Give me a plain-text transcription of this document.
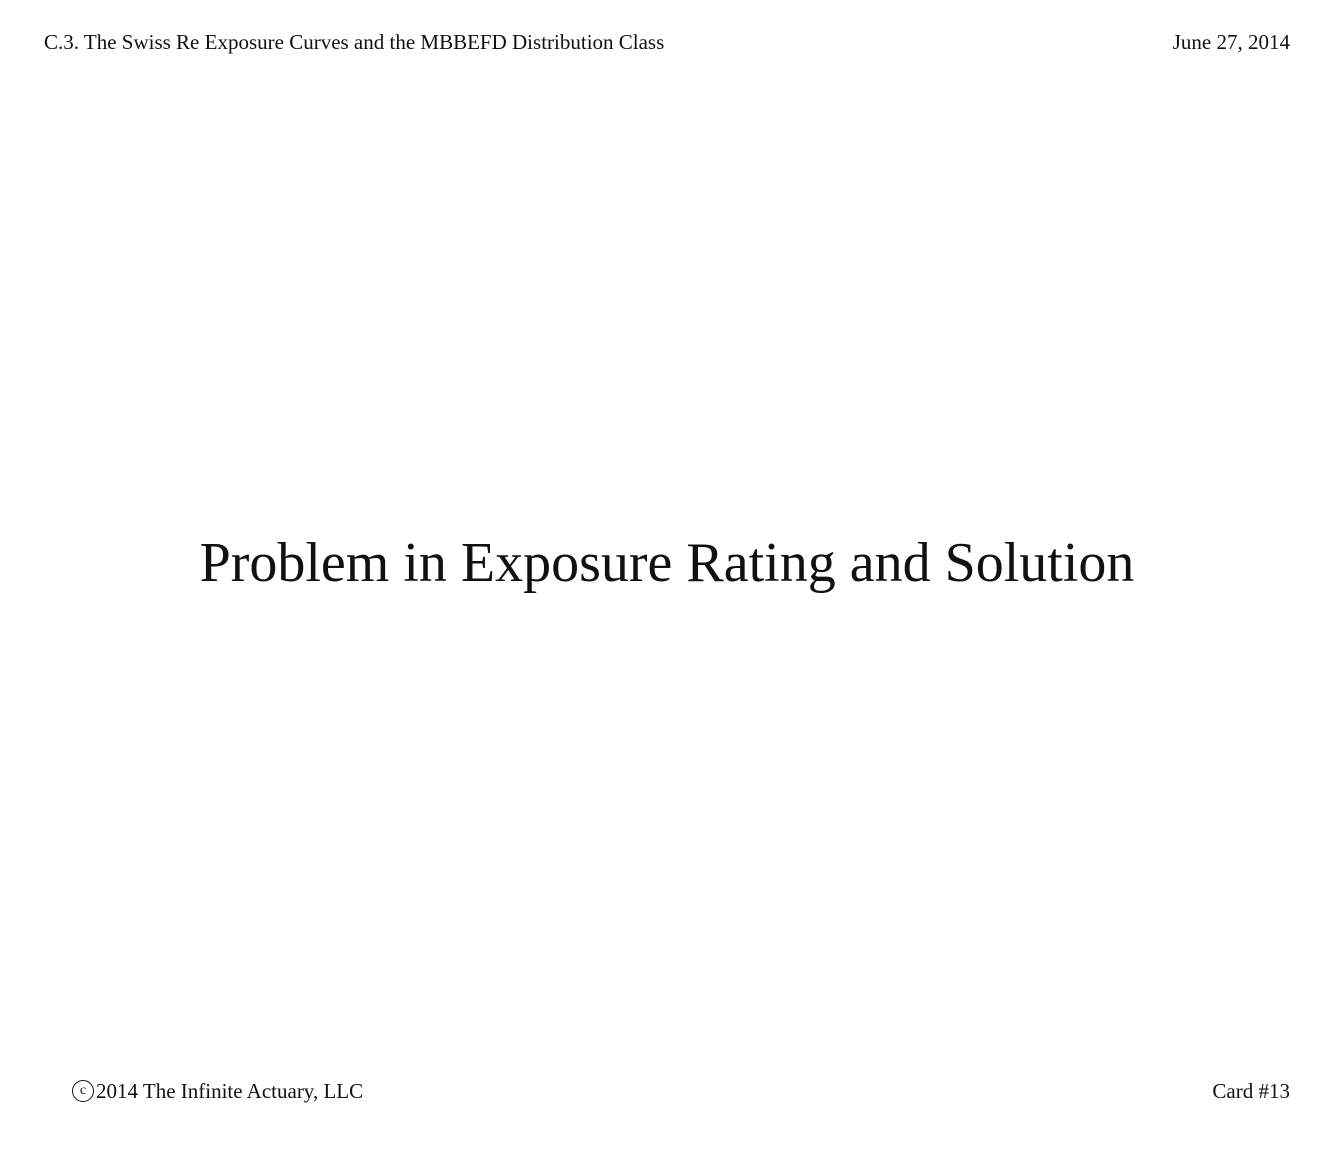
C.3. The Swiss Re Exposure Curves and the MBBEFD Distribution Class	June 27, 2014
Problem in Exposure Rating and Solution
c 2014 The Infinite Actuary, LLC	Card #13
